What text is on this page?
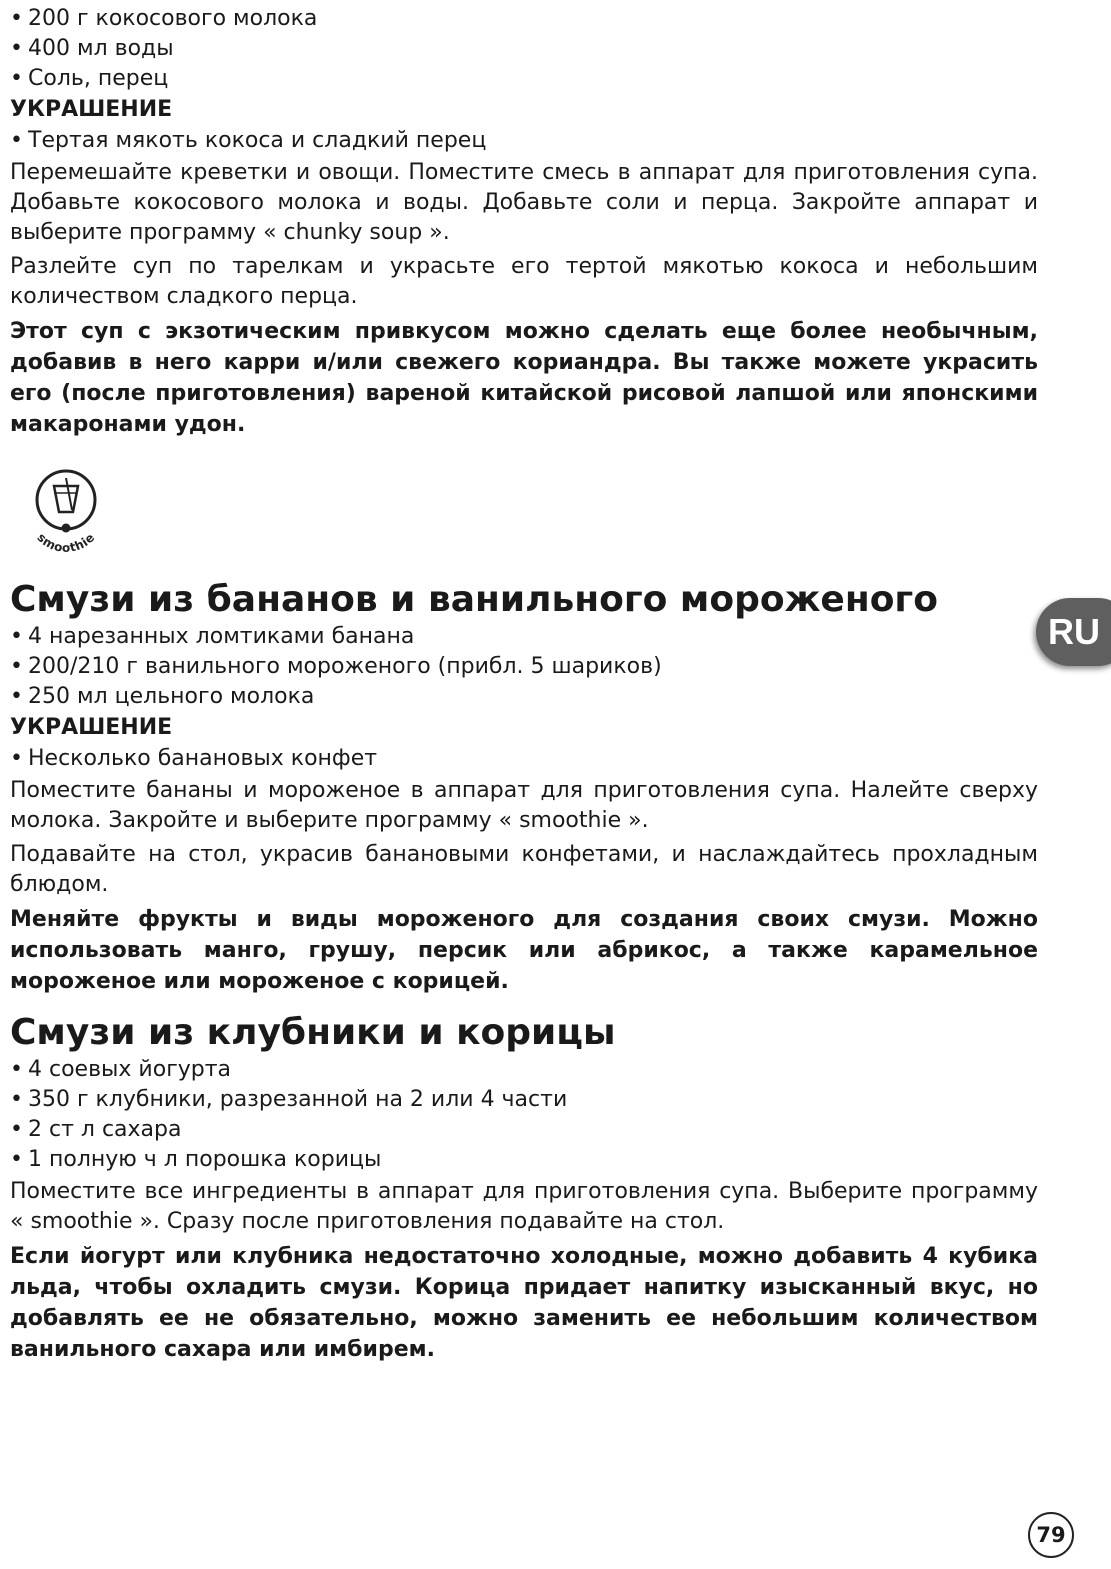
• 200 г кокосового молока
• 400 мл воды
• Соль, перец

УКРАШЕНИЕ

• Тертая мякоть кокоса и сладкий перец

Перемешайте креветки и овощи. Поместите смесь в аппарат для приготовления супа. Добавьте кокосового молока и воды. Добавьте соли и перца. Закройте аппарат и выберите программу « chunky soup ».

Разлейте суп по тарелкам и украсьте его тертой мякотью кокоса и небольшим количеством сладкого перца.

Этот суп с экзотическим привкусом можно сделать еще более необычным, добавив в него карри и/или свежего кориандра. Вы также можете украсить его (после приготовления) вареной китайской рисовой лапшой или японскими макаронами удон.

smoothie
Смузи из бананов и ванильного мороженого
• 4 нарезанных ломтиками банана
• 200/210 г ванильного мороженого (прибл. 5 шариков)
• 250 мл цельного молока

УКРАШЕНИЕ

• Несколько банановых конфет

Поместите бананы и мороженое в аппарат для приготовления супа. Налейте сверху молока. Закройте и выберите программу « smoothie ».

Подавайте на стол, украсив банановыми конфетами, и наслаждайтесь прохладным блюдом.

Меняйте фрукты и виды мороженого для создания своих смузи. Можно использовать манго, грушу, персик или абрикос, а также карамельное мороженое или мороженое с корицей.

Смузи из клубники и корицы
• 4 соевых йогурта
• 350 г клубники, разрезанной на 2 или 4 части
• 2 ст л сахара
• 1 полную ч л порошка корицы

Поместите все ингредиенты в аппарат для приготовления супа. Выберите программу « smoothie ». Сразу после приготовления подавайте на стол.

Если йогурт или клубника недостаточно холодные, можно добавить 4 кубика льда, чтобы охладить смузи. Корица придает напитку изысканный вкус, но добавлять ее не обязательно, можно заменить ее небольшим количеством ванильного сахара или имбирем.

RU
79
